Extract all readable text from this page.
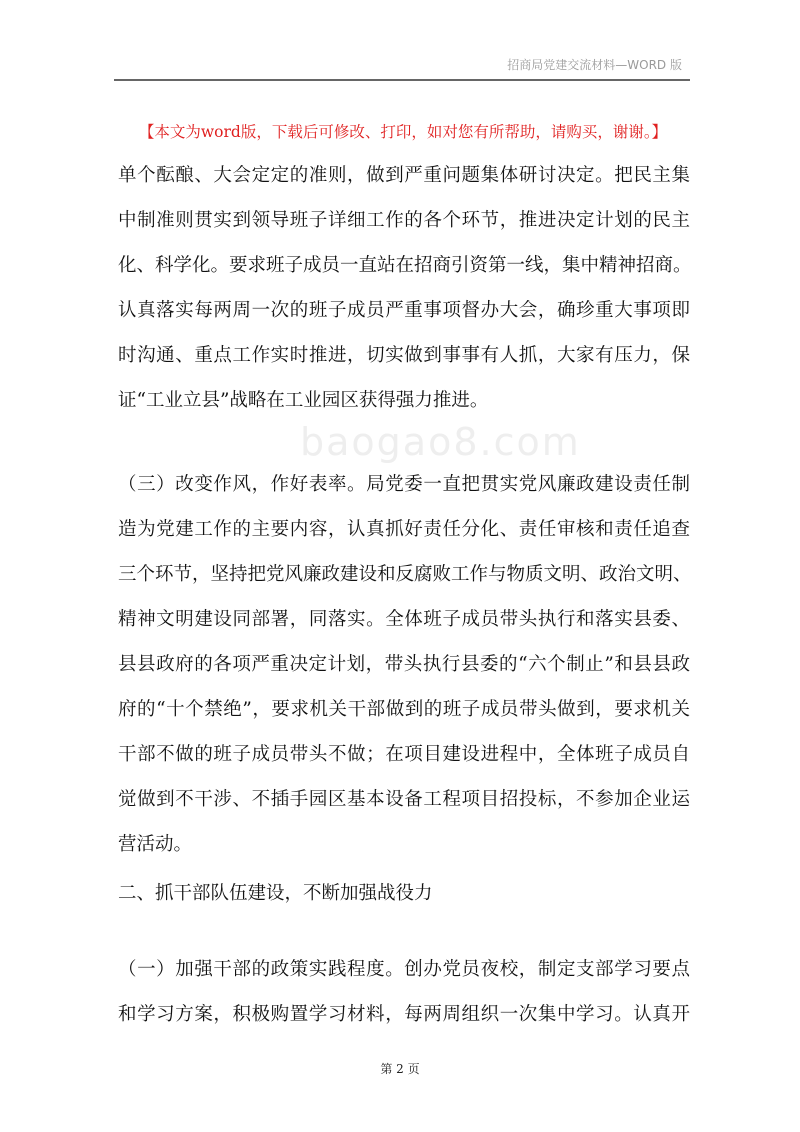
招商局党建交流材料—WORD 版
【本文为word版，下载后可修改、打印，如对您有所帮助，请购买，谢谢。】
baogao8.com
单个酝酿、大会定定的准则，做到严重问题集体研讨决定。把民主集
中制准则贯实到领导班子详细工作的各个环节，推进决定计划的民主
化、科学化。要求班子成员一直站在招商引资第一线，集中精神招商。
认真落实每两周一次的班子成员严重事项督办大会，确珍重大事项即
时沟通、重点工作实时推进，切实做到事事有人抓，大家有压力，保
证“工业立县”战略在工业园区获得强力推进。
（三）改变作风，作好表率。局党委一直把贯实党风廉政建设责任制
造为党建工作的主要内容，认真抓好责任分化、责任审核和责任追查
三个环节，坚持把党风廉政建设和反腐败工作与物质文明、政治文明、
精神文明建设同部署，同落实。全体班子成员带头执行和落实县委、
县县政府的各项严重决定计划，带头执行县委的“六个制止”和县县政
府的“十个禁绝”，要求机关干部做到的班子成员带头做到，要求机关
干部不做的班子成员带头不做；在项目建设进程中，全体班子成员自
觉做到不干涉、不插手园区基本设备工程项目招投标，不参加企业运
营活动。
二、抓干部队伍建设，不断加强战役力
（一）加强干部的政策实践程度。创办党员夜校，制定支部学习要点
和学习方案，积极购置学习材料，每两周组织一次集中学习。认真开
第 2 页
